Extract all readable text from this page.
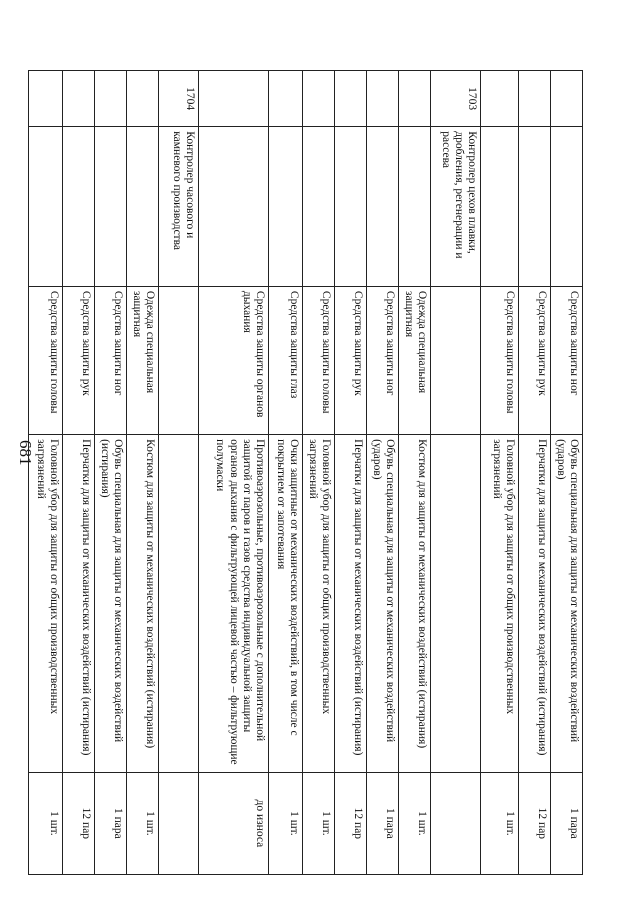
681
		Средства защиты ног	Обувь специальная для защиты от механических воздействий (ударов)	1 пара
		Средства защиты рук	Перчатки для защиты от механических воздействий (истирания)	12 пар
		Средства защиты головы	Головной убор для защиты от общих производственных загрязнений	1 шт.
1703	Контролер цехов плавки, дробления, регенерации и рассева			
		Одежда специальная защитная	Костюм для защиты от механических воздействий (истирания)	1 шт.
		Средства защиты ног	Обувь специальная для защиты от механических воздействий (ударов)	1 пара
		Средства защиты рук	Перчатки для защиты от механических воздействий (истирания)	12 пар
		Средства защиты головы	Головной убор для защиты от общих производственных загрязнений	1 шт.
		Средства защиты глаз	Очки защитные от механических воздействий, в том числе с покрытием от запотевания	1 шт.
		Средства защиты органов дыхания	Противоаэрозольные, противоаэрозольные с дополнительной защитой от паров и газов средства индивидуальной защиты органов дыхания с фильтрующей лицевой частью – фильтрующие полумаски	до износа
1704	Контролер часового и камневого производства			
		Одежда специальная защитная	Костюм для защиты от механических воздействий (истирания)	1 шт.
		Средства защиты ног	Обувь специальная для защиты от механических воздействий (истирания)	1 пара
		Средства защиты рук	Перчатки для защиты от механических воздействий (истирания)	12 пар
		Средства защиты головы	Головной убор для защиты от общих производственных загрязнений	1 шт.
